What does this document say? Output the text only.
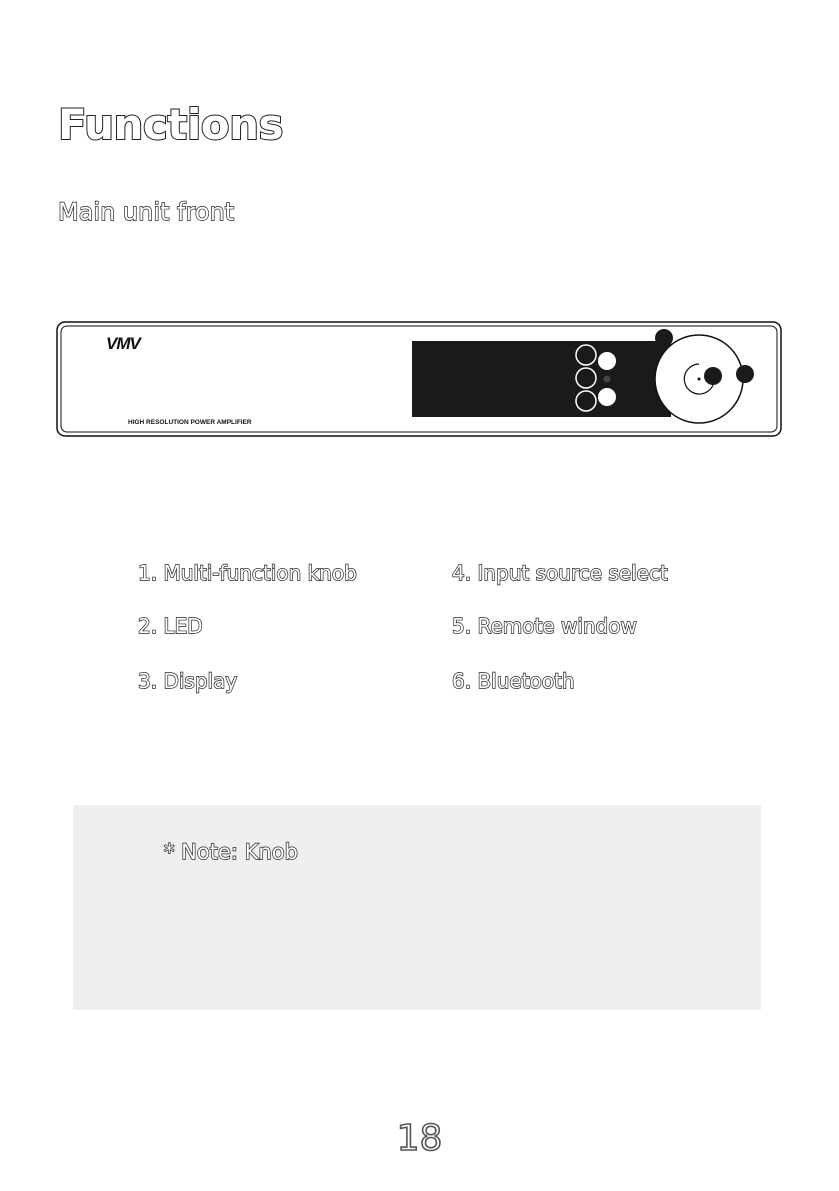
Functions
Main unit front
VMV
HIGH RESOLUTION POWER AMPLIFIER
1. Multi-function knob
2. LED
3. Display
4. Input source select
5. Remote window
6. Bluetooth
* Note: Knob
18
